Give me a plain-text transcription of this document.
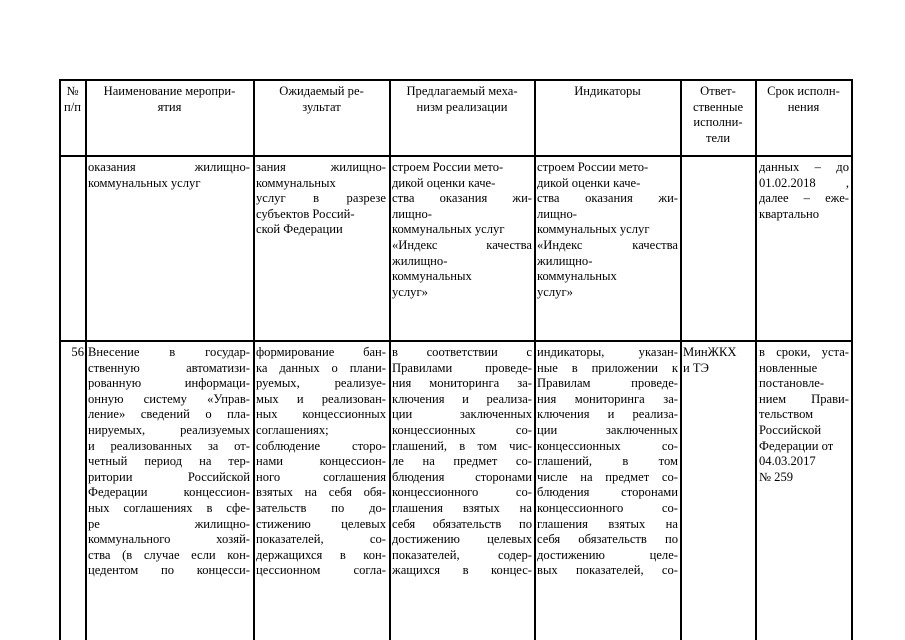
№
п/п
Наименование меропри-
ятия
Ожидаемый ре-
зультат
Предлагаемый меха-
низм реализации
Индикаторы	Ответ-
ственные
исполни-
тели
Срок исполн-
нения
оказания жилищно-
коммунальных услуг
зания жилищно-
коммунальных
услуг в разрезе
субъектов Россий-
ской Федерации
строем России мето-
дикой оценки каче-
ства оказания жи-
лищно-
коммунальных услуг
«Индекс качества
жилищно-
коммунальных
услуг»
строем России мето-
дикой оценки каче-
ства оказания жи-
лищно-
коммунальных услуг
«Индекс качества
жилищно-
коммунальных
услуг»
данных – до
01.02.2018 ,
далее – еже-
квартально
56 Внесение в государ-
ственную автоматизи-
рованную информаци-
онную систему «Управ-
ление» сведений о пла-
нируемых, реализуемых
и реализованных за от-
четный период на тер-
ритории Российской
Федерации концессион-
ных соглашениях в сфе-
ре жилищно-
коммунального хозяй-
ства (в случае если кон-
цедентом по концесси-
формирование бан-
ка данных о плани-
руемых, реализуе-
мых и реализован-
ных концессионных
соглашениях;
соблюдение сторо-
нами концессион-
ного соглашения
взятых на себя обя-
зательств по до-
стижению целевых
показателей, со-
держащихся в кон-
цессионном согла-
в соответствии с
Правилами проведе-
ния мониторинга за-
ключения и реализа-
ции заключенных
концессионных со-
глашений, в том чис-
ле на предмет со-
блюдения сторонами
концессионного со-
глашения взятых на
себя обязательств по
достижению целевых
показателей, содер-
жащихся в концес-
индикаторы, указан-
ные в приложении к
Правилам проведе-
ния мониторинга за-
ключения и реализа-
ции заключенных
концессионных со-
глашений, в том
числе на предмет со-
блюдения сторонами
концессионного со-
глашения взятых на
себя обязательств по
достижению целе-
вых показателей, со-
МинЖКХ
и ТЭ
в сроки, уста-
новленные
постановле-
нием Прави-
тельством
Российской
Федерации от
04.03.2017
№ 259
